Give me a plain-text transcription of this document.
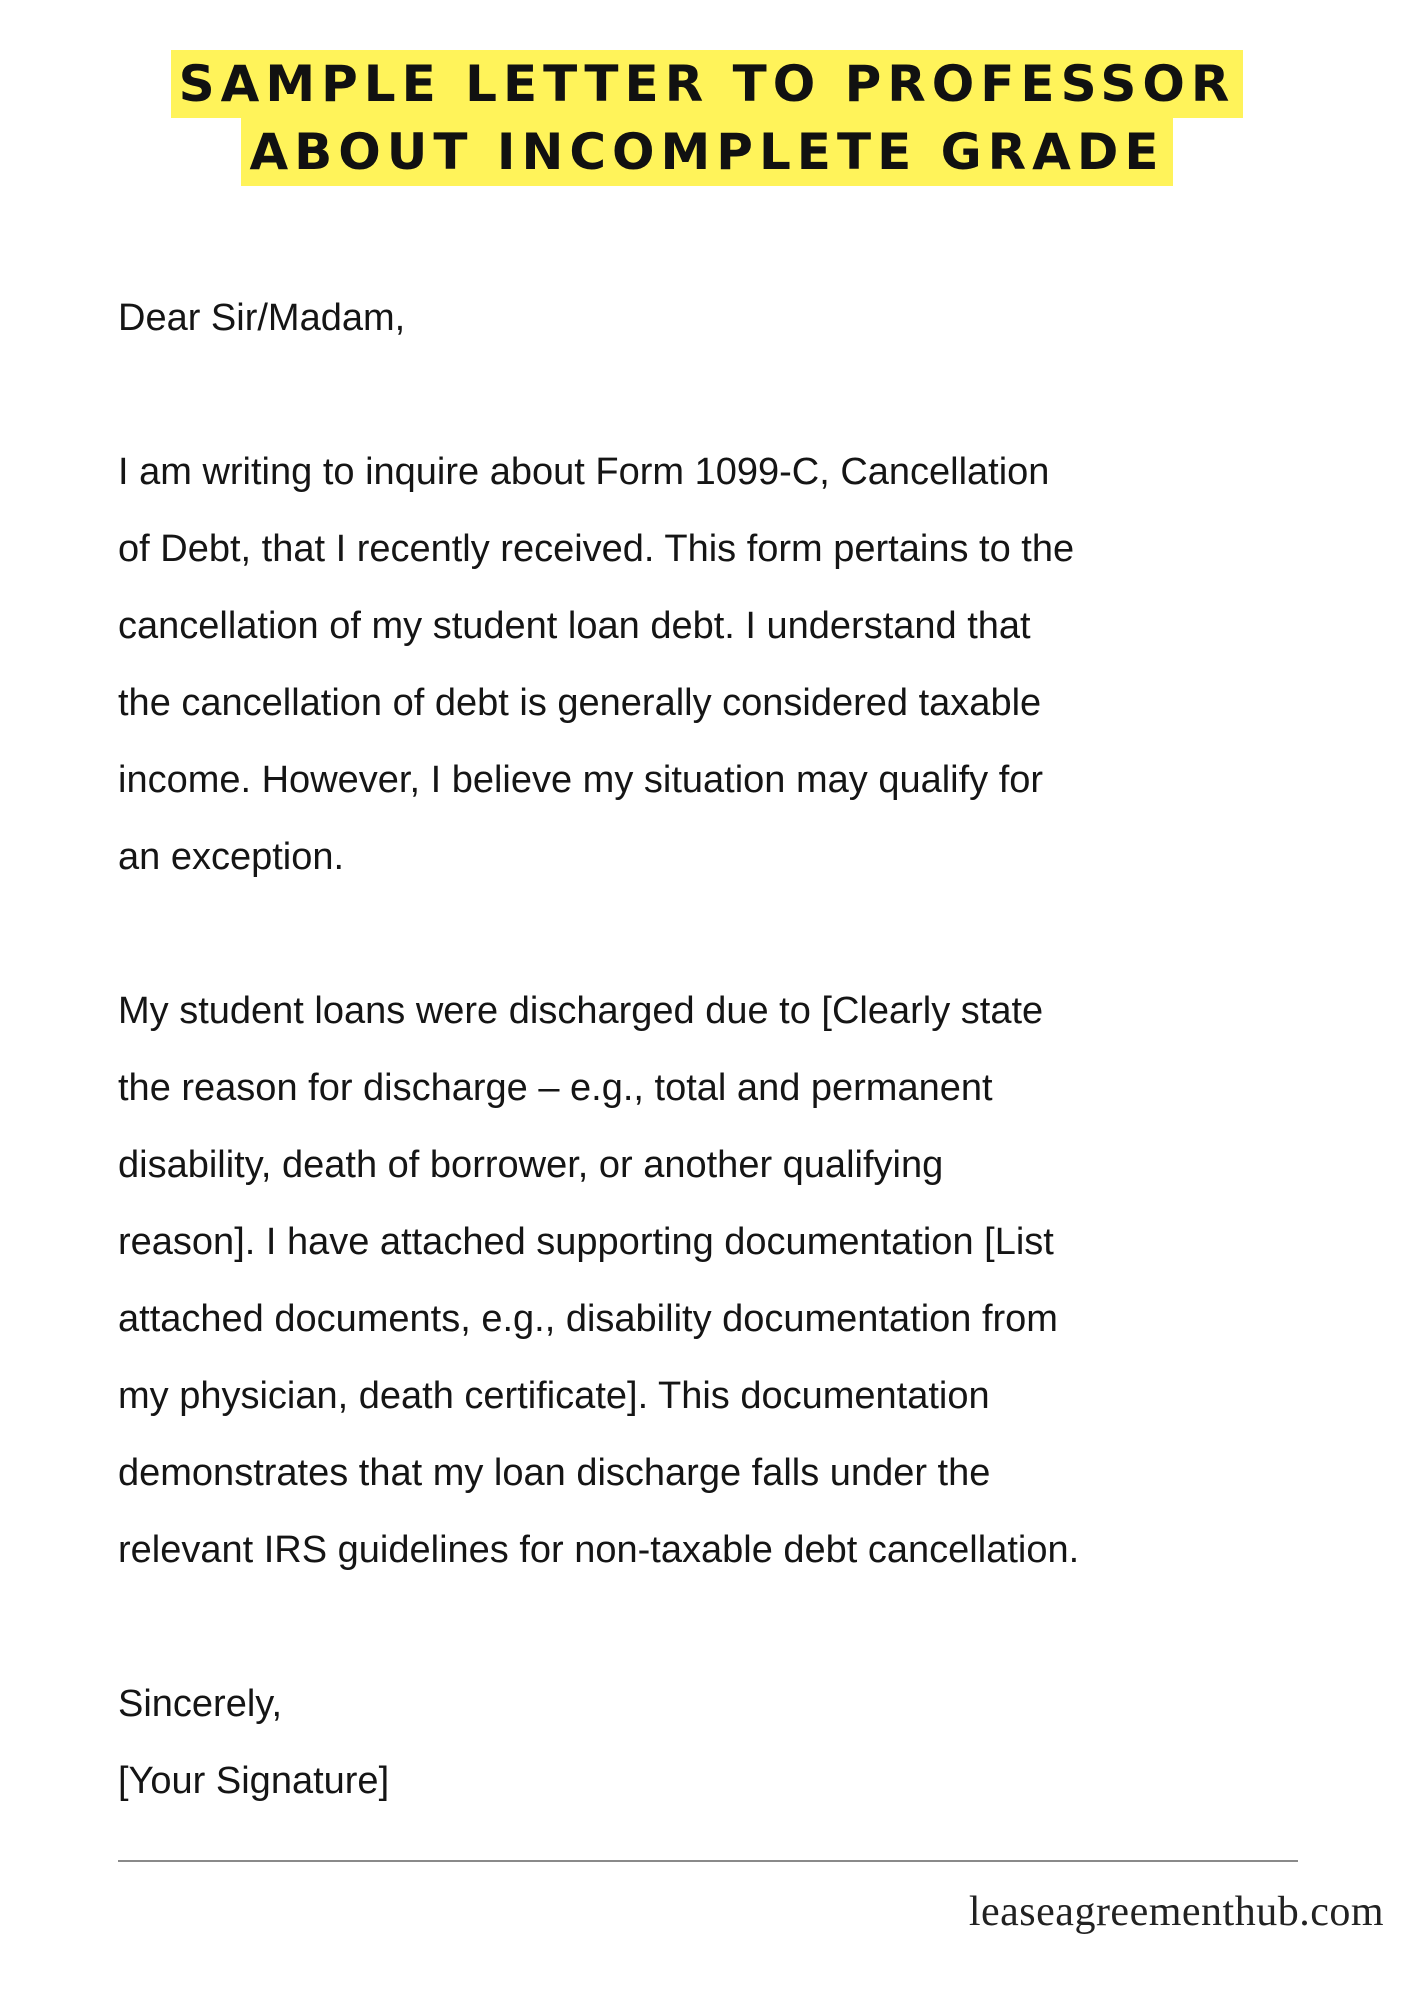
SAMPLE LETTER TO PROFESSOR
ABOUT INCOMPLETE GRADE

Dear Sir/Madam,

I am writing to inquire about Form 1099-C, Cancellation
of Debt, that I recently received. This form pertains to the
cancellation of my student loan debt. I understand that
the cancellation of debt is generally considered taxable
income. However, I believe my situation may qualify for
an exception.

My student loans were discharged due to [Clearly state
the reason for discharge – e.g., total and permanent
disability, death of borrower, or another qualifying
reason]. I have attached supporting documentation [List
attached documents, e.g., disability documentation from
my physician, death certificate]. This documentation
demonstrates that my loan discharge falls under the
relevant IRS guidelines for non-taxable debt cancellation.

Sincerely,
[Your Signature]

leaseagreementhub.com
